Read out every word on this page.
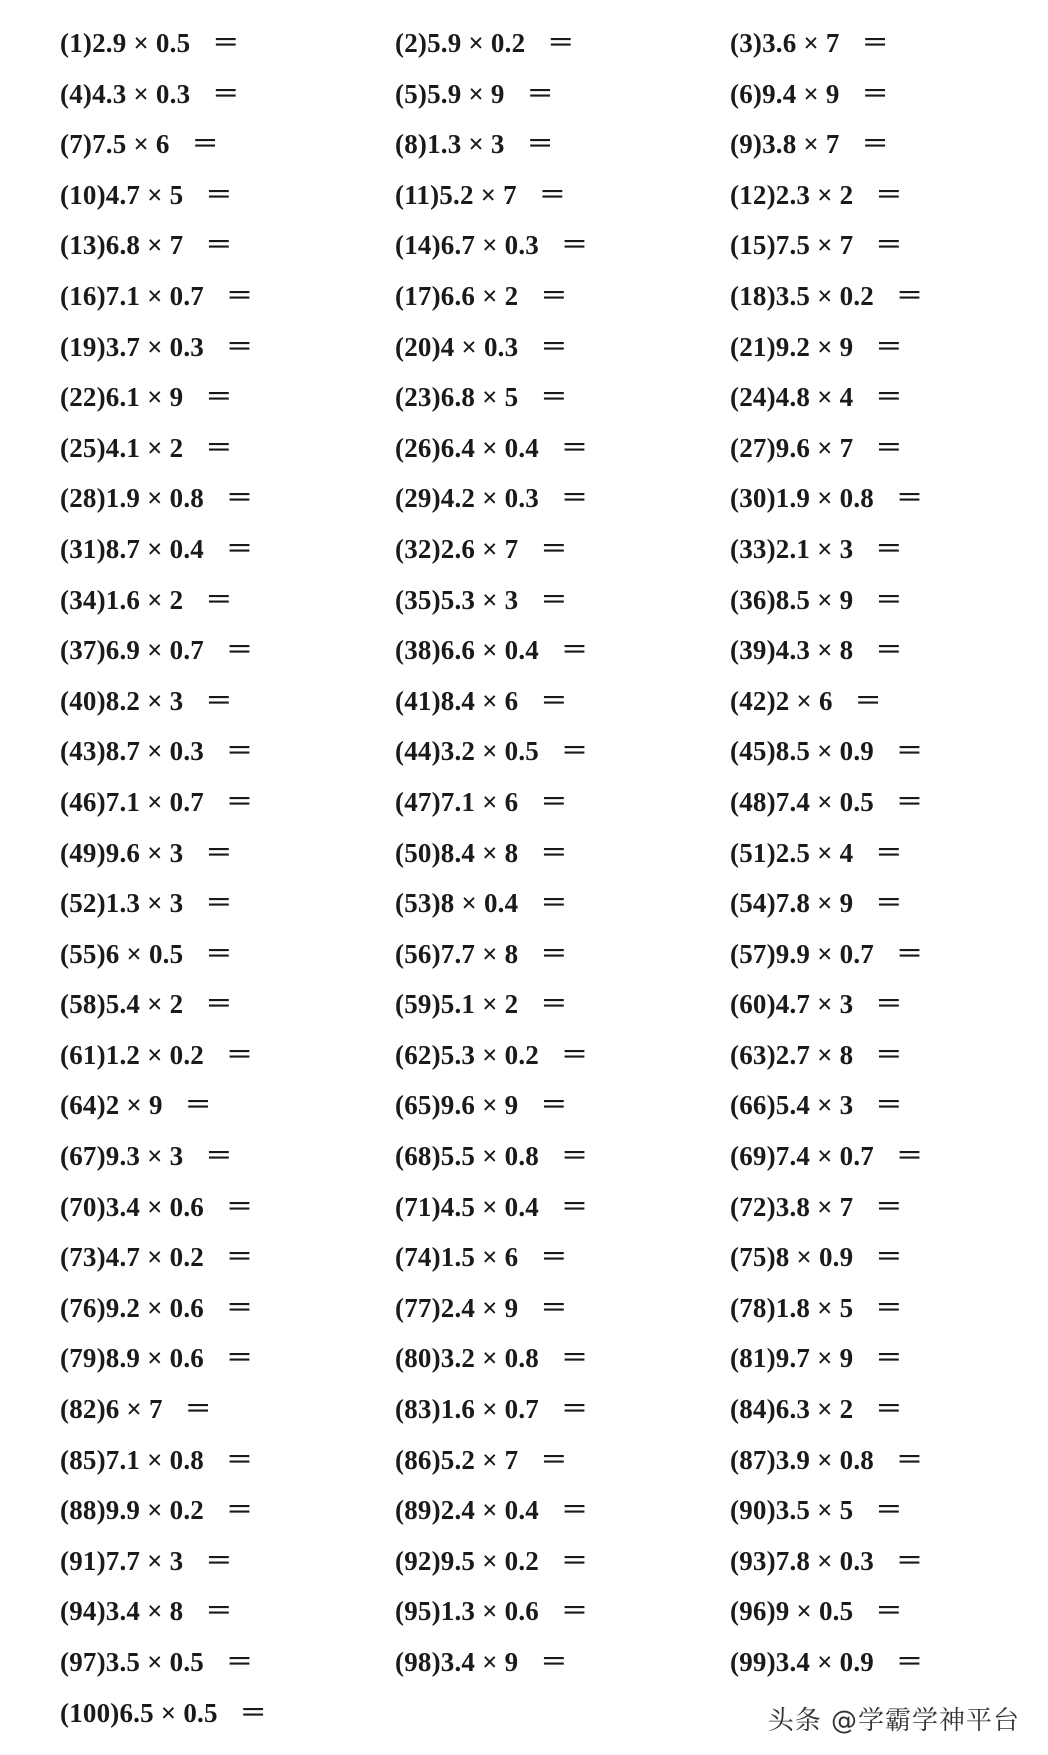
(1)2.9 × 0.5 ＝	(2)5.9 × 0.2 ＝	(3)3.6 × 7 ＝
(4)4.3 × 0.3 ＝	(5)5.9 × 9 ＝	(6)9.4 × 9 ＝
(7)7.5 × 6 ＝	(8)1.3 × 3 ＝	(9)3.8 × 7 ＝
(10)4.7 × 5 ＝	(11)5.2 × 7 ＝	(12)2.3 × 2 ＝
(13)6.8 × 7 ＝	(14)6.7 × 0.3 ＝	(15)7.5 × 7 ＝
(16)7.1 × 0.7 ＝	(17)6.6 × 2 ＝	(18)3.5 × 0.2 ＝
(19)3.7 × 0.3 ＝	(20)4 × 0.3 ＝	(21)9.2 × 9 ＝
(22)6.1 × 9 ＝	(23)6.8 × 5 ＝	(24)4.8 × 4 ＝
(25)4.1 × 2 ＝	(26)6.4 × 0.4 ＝	(27)9.6 × 7 ＝
(28)1.9 × 0.8 ＝	(29)4.2 × 0.3 ＝	(30)1.9 × 0.8 ＝
(31)8.7 × 0.4 ＝	(32)2.6 × 7 ＝	(33)2.1 × 3 ＝
(34)1.6 × 2 ＝	(35)5.3 × 3 ＝	(36)8.5 × 9 ＝
(37)6.9 × 0.7 ＝	(38)6.6 × 0.4 ＝	(39)4.3 × 8 ＝
(40)8.2 × 3 ＝	(41)8.4 × 6 ＝	(42)2 × 6 ＝
(43)8.7 × 0.3 ＝	(44)3.2 × 0.5 ＝	(45)8.5 × 0.9 ＝
(46)7.1 × 0.7 ＝	(47)7.1 × 6 ＝	(48)7.4 × 0.5 ＝
(49)9.6 × 3 ＝	(50)8.4 × 8 ＝	(51)2.5 × 4 ＝
(52)1.3 × 3 ＝	(53)8 × 0.4 ＝	(54)7.8 × 9 ＝
(55)6 × 0.5 ＝	(56)7.7 × 8 ＝	(57)9.9 × 0.7 ＝
(58)5.4 × 2 ＝	(59)5.1 × 2 ＝	(60)4.7 × 3 ＝
(61)1.2 × 0.2 ＝	(62)5.3 × 0.2 ＝	(63)2.7 × 8 ＝
(64)2 × 9 ＝	(65)9.6 × 9 ＝	(66)5.4 × 3 ＝
(67)9.3 × 3 ＝	(68)5.5 × 0.8 ＝	(69)7.4 × 0.7 ＝
(70)3.4 × 0.6 ＝	(71)4.5 × 0.4 ＝	(72)3.8 × 7 ＝
(73)4.7 × 0.2 ＝	(74)1.5 × 6 ＝	(75)8 × 0.9 ＝
(76)9.2 × 0.6 ＝	(77)2.4 × 9 ＝	(78)1.8 × 5 ＝
(79)8.9 × 0.6 ＝	(80)3.2 × 0.8 ＝	(81)9.7 × 9 ＝
(82)6 × 7 ＝	(83)1.6 × 0.7 ＝	(84)6.3 × 2 ＝
(85)7.1 × 0.8 ＝	(86)5.2 × 7 ＝	(87)3.9 × 0.8 ＝
(88)9.9 × 0.2 ＝	(89)2.4 × 0.4 ＝	(90)3.5 × 5 ＝
(91)7.7 × 3 ＝	(92)9.5 × 0.2 ＝	(93)7.8 × 0.3 ＝
(94)3.4 × 8 ＝	(95)1.3 × 0.6 ＝	(96)9 × 0.5 ＝
(97)3.5 × 0.5 ＝	(98)3.4 × 9 ＝	(99)3.4 × 0.9 ＝
(100)6.5 × 0.5 ＝	头条 @学霸学神平台
